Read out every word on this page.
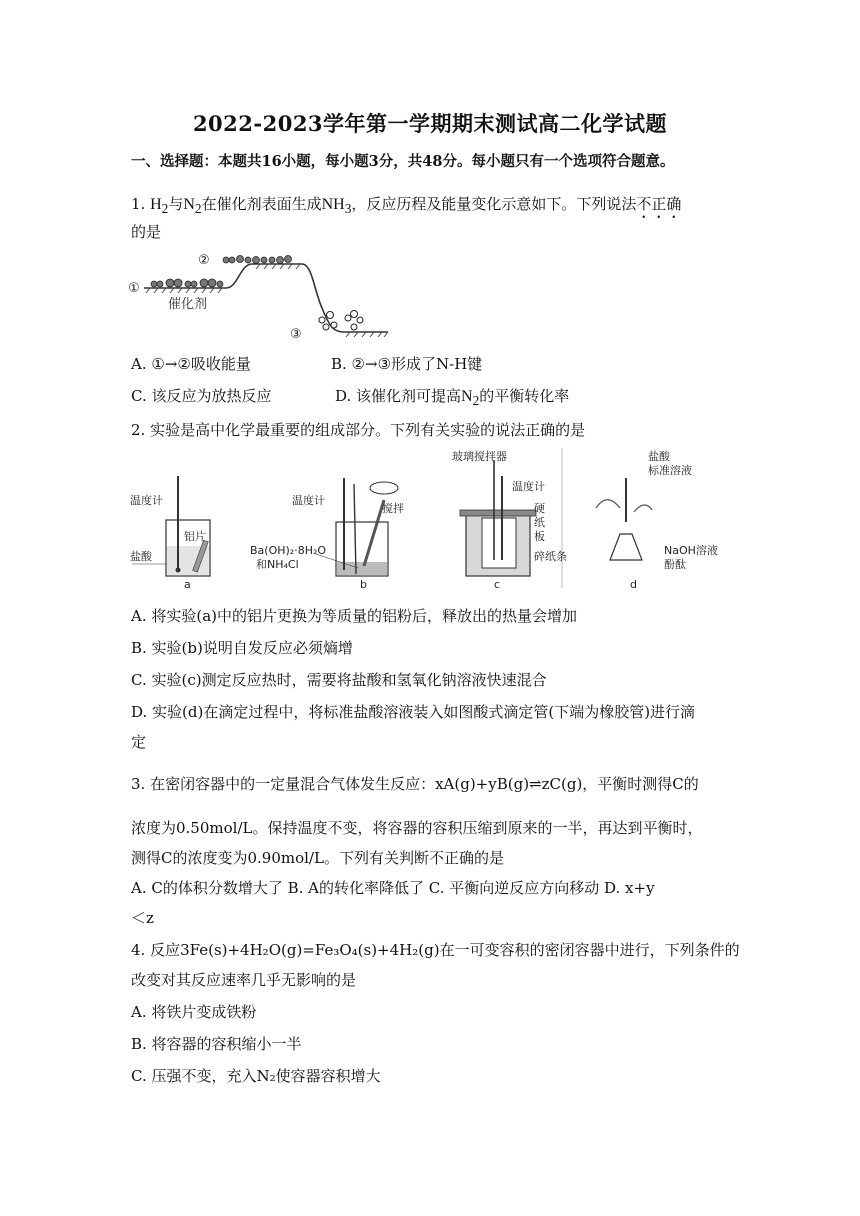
2022-2023学年第一学期期末测试高二化学试题
一、选择题：本题共16小题，每小题3分，共48分。每小题只有一个选项符合题意。
1. $H_2$与$N_2$在催化剂表面生成$NH_3$，反应历程及能量变化示意如下。下列说法不正确
的是
①
②
③
催化剂
A. ①→②吸收能量	B. ②→③形成了N-H键
C. 该反应为放热反应	D. 该催化剂可提高$N_2$的平衡转化率
2. 实验是高中化学最重要的组成部分。下列有关实验的说法正确的是
温度计
铝片
盐酸
a
温度计
搅拌
Ba(OH)₂·8H₂O
和NH₄Cl
b
玻璃搅拌器
温度计
硬
纸
板
碎纸条
c
盐酸
标准溶液
NaOH溶液
酚酞
d
A. 将实验(a)中的铝片更换为等质量的铝粉后，释放出的热量会增加
B. 实验(b)说明自发反应必须熵增
C. 实验(c)测定反应热时，需要将盐酸和氢氧化钠溶液快速混合
D. 实验(d)在滴定过程中，将标准盐酸溶液装入如图酸式滴定管(下端为橡胶管)进行滴
定
3. 在密闭容器中的一定量混合气体发生反应：xA(g)+yB(g)⇌zC(g)，平衡时测得C的
浓度为0.50mol/L。保持温度不变，将容器的容积压缩到原来的一半，再达到平衡时，
测得C的浓度变为0.90mol/L。下列有关判断不正确的是
A. C的体积分数增大了 B. A的转化率降低了 C. 平衡向逆反应方向移动 D. x+y
＜z
4. 反应3Fe(s)+4H₂O(g)=Fe₃O₄(s)+4H₂(g)在一可变容积的密闭容器中进行，下列条件的
改变对其反应速率几乎无影响的是
A. 将铁片变成铁粉
B. 将容器的容积缩小一半
C. 压强不变，充入N₂使容器容积增大
